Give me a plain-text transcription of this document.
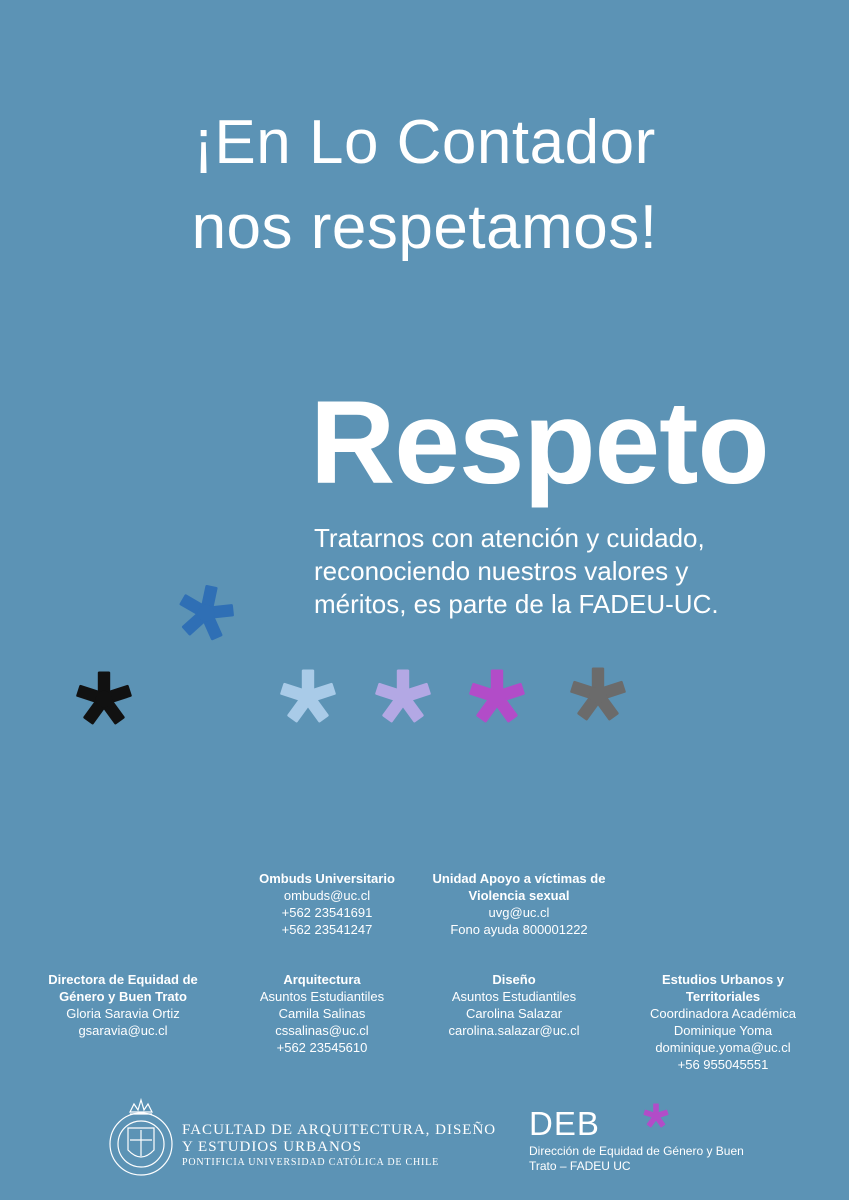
¡En Lo Contador
nos respetamos!
Respeto
Tratarnos con atención y cuidado,
reconociendo nuestros valores y
méritos, es parte de la FADEU-UC.
Ombuds Universitario
ombuds@uc.cl
+562 23541691
+562 23541247
Unidad Apoyo a víctimas de
Violencia sexual
uvg@uc.cl
Fono ayuda 800001222
Directora de Equidad de
Género y Buen Trato
Gloria Saravia Ortiz
gsaravia@uc.cl
Arquitectura
Asuntos Estudiantiles
Camila Salinas
cssalinas@uc.cl
+562 23545610
Diseño
Asuntos Estudiantiles
Carolina Salazar
carolina.salazar@uc.cl
Estudios Urbanos y
Territoriales
Coordinadora Académica
Dominique Yoma
dominique.yoma@uc.cl
+56 955045551
FACULTAD DE ARQUITECTURA, DISEÑO
Y ESTUDIOS URBANOS
PONTIFICIA UNIVERSIDAD CATÓLICA DE CHILE
DEB
Dirección de Equidad de Género y Buen
Trato – FADEU UC
